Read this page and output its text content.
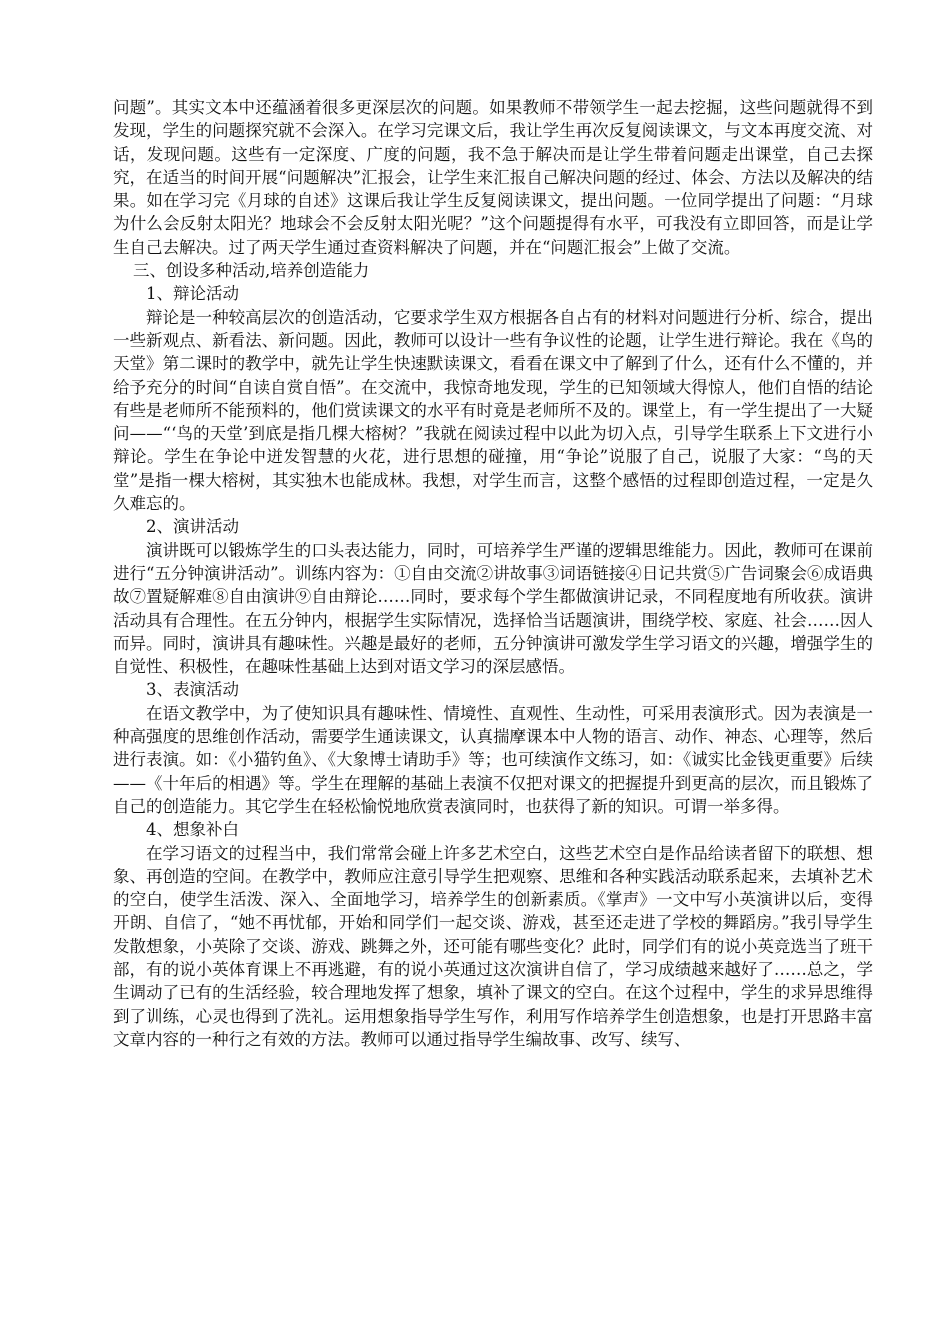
问题”。其实文本中还蕴涵着很多更深层次的问题。如果教师不带领学生一起去挖掘，这些问题就得不到发现，学生的问题探究就不会深入。在学习完课文后，我让学生再次反复阅读课文，与文本再度交流、对话，发现问题。这些有一定深度、广度的问题，我不急于解决而是让学生带着问题走出课堂，自己去探究，在适当的时间开展“问题解决”汇报会，让学生来汇报自己解决问题的经过、体会、方法以及解决的结果。如在学习完《月球的自述》这课后我让学生反复阅读课文，提出问题。一位同学提出了问题：“月球为什么会反射太阳光？地球会不会反射太阳光呢？”这个问题提得有水平，可我没有立即回答，而是让学生自己去解决。过了两天学生通过查资料解决了问题，并在“问题汇报会”上做了交流。

三、创设多种活动,培养创造能力

1、辩论活动

辩论是一种较高层次的创造活动，它要求学生双方根据各自占有的材料对问题进行分析、综合，提出一些新观点、新看法、新问题。因此，教师可以设计一些有争议性的论题，让学生进行辩论。我在《鸟的天堂》第二课时的教学中，就先让学生快速默读课文，看看在课文中了解到了什么，还有什么不懂的，并给予充分的时间“自读自赏自悟”。在交流中，我惊奇地发现，学生的已知领域大得惊人，他们自悟的结论有些是老师所不能预料的，他们赏读课文的水平有时竟是老师所不及的。课堂上，有一学生提出了一大疑问——“‘鸟的天堂’到底是指几棵大榕树？”我就在阅读过程中以此为切入点，引导学生联系上下文进行小辩论。学生在争论中迸发智慧的火花，进行思想的碰撞，用“争论”说服了自己，说服了大家：“鸟的天堂”是指一棵大榕树，其实独木也能成林。我想，对学生而言，这整个感悟的过程即创造过程，一定是久久难忘的。

2、演讲活动

演讲既可以锻炼学生的口头表达能力，同时，可培养学生严谨的逻辑思维能力。因此，教师可在课前进行“五分钟演讲活动”。训练内容为：①自由交流②讲故事③词语链接④日记共赏⑤广告词聚会⑥成语典故⑦置疑解难⑧自由演讲⑨自由辩论……同时，要求每个学生都做演讲记录，不同程度地有所收获。演讲活动具有合理性。在五分钟内，根据学生实际情况，选择恰当话题演讲，围绕学校、家庭、社会……因人而异。同时，演讲具有趣味性。兴趣是最好的老师，五分钟演讲可激发学生学习语文的兴趣，增强学生的自觉性、积极性，在趣味性基础上达到对语文学习的深层感悟。

3、表演活动

在语文教学中，为了使知识具有趣味性、情境性、直观性、生动性，可采用表演形式。因为表演是一种高强度的思维创作活动，需要学生通读课文，认真揣摩课本中人物的语言、动作、神态、心理等，然后进行表演。如：《小猫钓鱼》、《大象博士请助手》等；也可续演作文练习，如：《诚实比金钱更重要》后续——《十年后的相遇》等。学生在理解的基础上表演不仅把对课文的把握提升到更高的层次，而且锻炼了自己的创造能力。其它学生在轻松愉悦地欣赏表演同时，也获得了新的知识。可谓一举多得。

4、想象补白

在学习语文的过程当中，我们常常会碰上许多艺术空白，这些艺术空白是作品给读者留下的联想、想象、再创造的空间。在教学中，教师应注意引导学生把观察、思维和各种实践活动联系起来，去填补艺术的空白，使学生活泼、深入、全面地学习，培养学生的创新素质。《掌声》一文中写小英演讲以后，变得开朗、自信了，“她不再忧郁，开始和同学们一起交谈、游戏，甚至还走进了学校的舞蹈房。”我引导学生发散想象，小英除了交谈、游戏、跳舞之外，还可能有哪些变化？此时，同学们有的说小英竞选当了班干部，有的说小英体育课上不再逃避，有的说小英通过这次演讲自信了，学习成绩越来越好了……总之，学生调动了已有的生活经验，较合理地发挥了想象，填补了课文的空白。在这个过程中，学生的求异思维得到了训练，心灵也得到了洗礼。运用想象指导学生写作，利用写作培养学生创造想象，也是打开思路丰富文章内容的一种行之有效的方法。教师可以通过指导学生编故事、改写、续写、
